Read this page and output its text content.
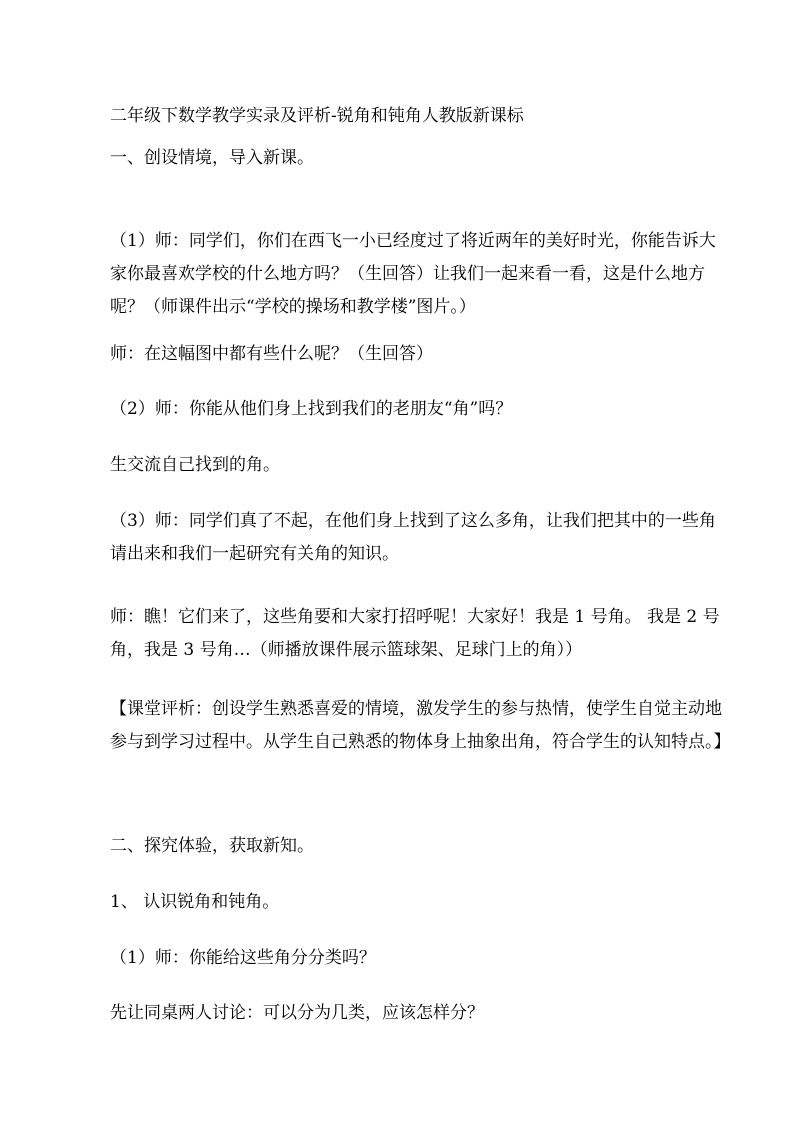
二年级下数学教学实录及评析-锐角和钝角人教版新课标

一、创设情境，导入新课。

（1）师：同学们，你们在西飞一小已经度过了将近两年的美好时光，你能告诉大家你最喜欢学校的什么地方吗？（生回答）让我们一起来看一看，这是什么地方呢？（师课件出示“学校的操场和教学楼”图片。）

师：在这幅图中都有些什么呢？（生回答）

（2）师：你能从他们身上找到我们的老朋友“角”吗？

生交流自己找到的角。

（3）师：同学们真了不起，在他们身上找到了这么多角，让我们把其中的一些角请出来和我们一起研究有关角的知识。

师：瞧！它们来了，这些角要和大家打招呼呢！大家好！我是 1 号角。 我是 2 号角，我是 3 号角…（师播放课件展示篮球架、足球门上的角））

【课堂评析：创设学生熟悉喜爱的情境，激发学生的参与热情，使学生自觉主动地参与到学习过程中。从学生自己熟悉的物体身上抽象出角，符合学生的认知特点。】

二、探究体验，获取新知。

1、 认识锐角和钝角。

（1）师：你能给这些角分分类吗？

先让同桌两人讨论：可以分为几类，应该怎样分？
